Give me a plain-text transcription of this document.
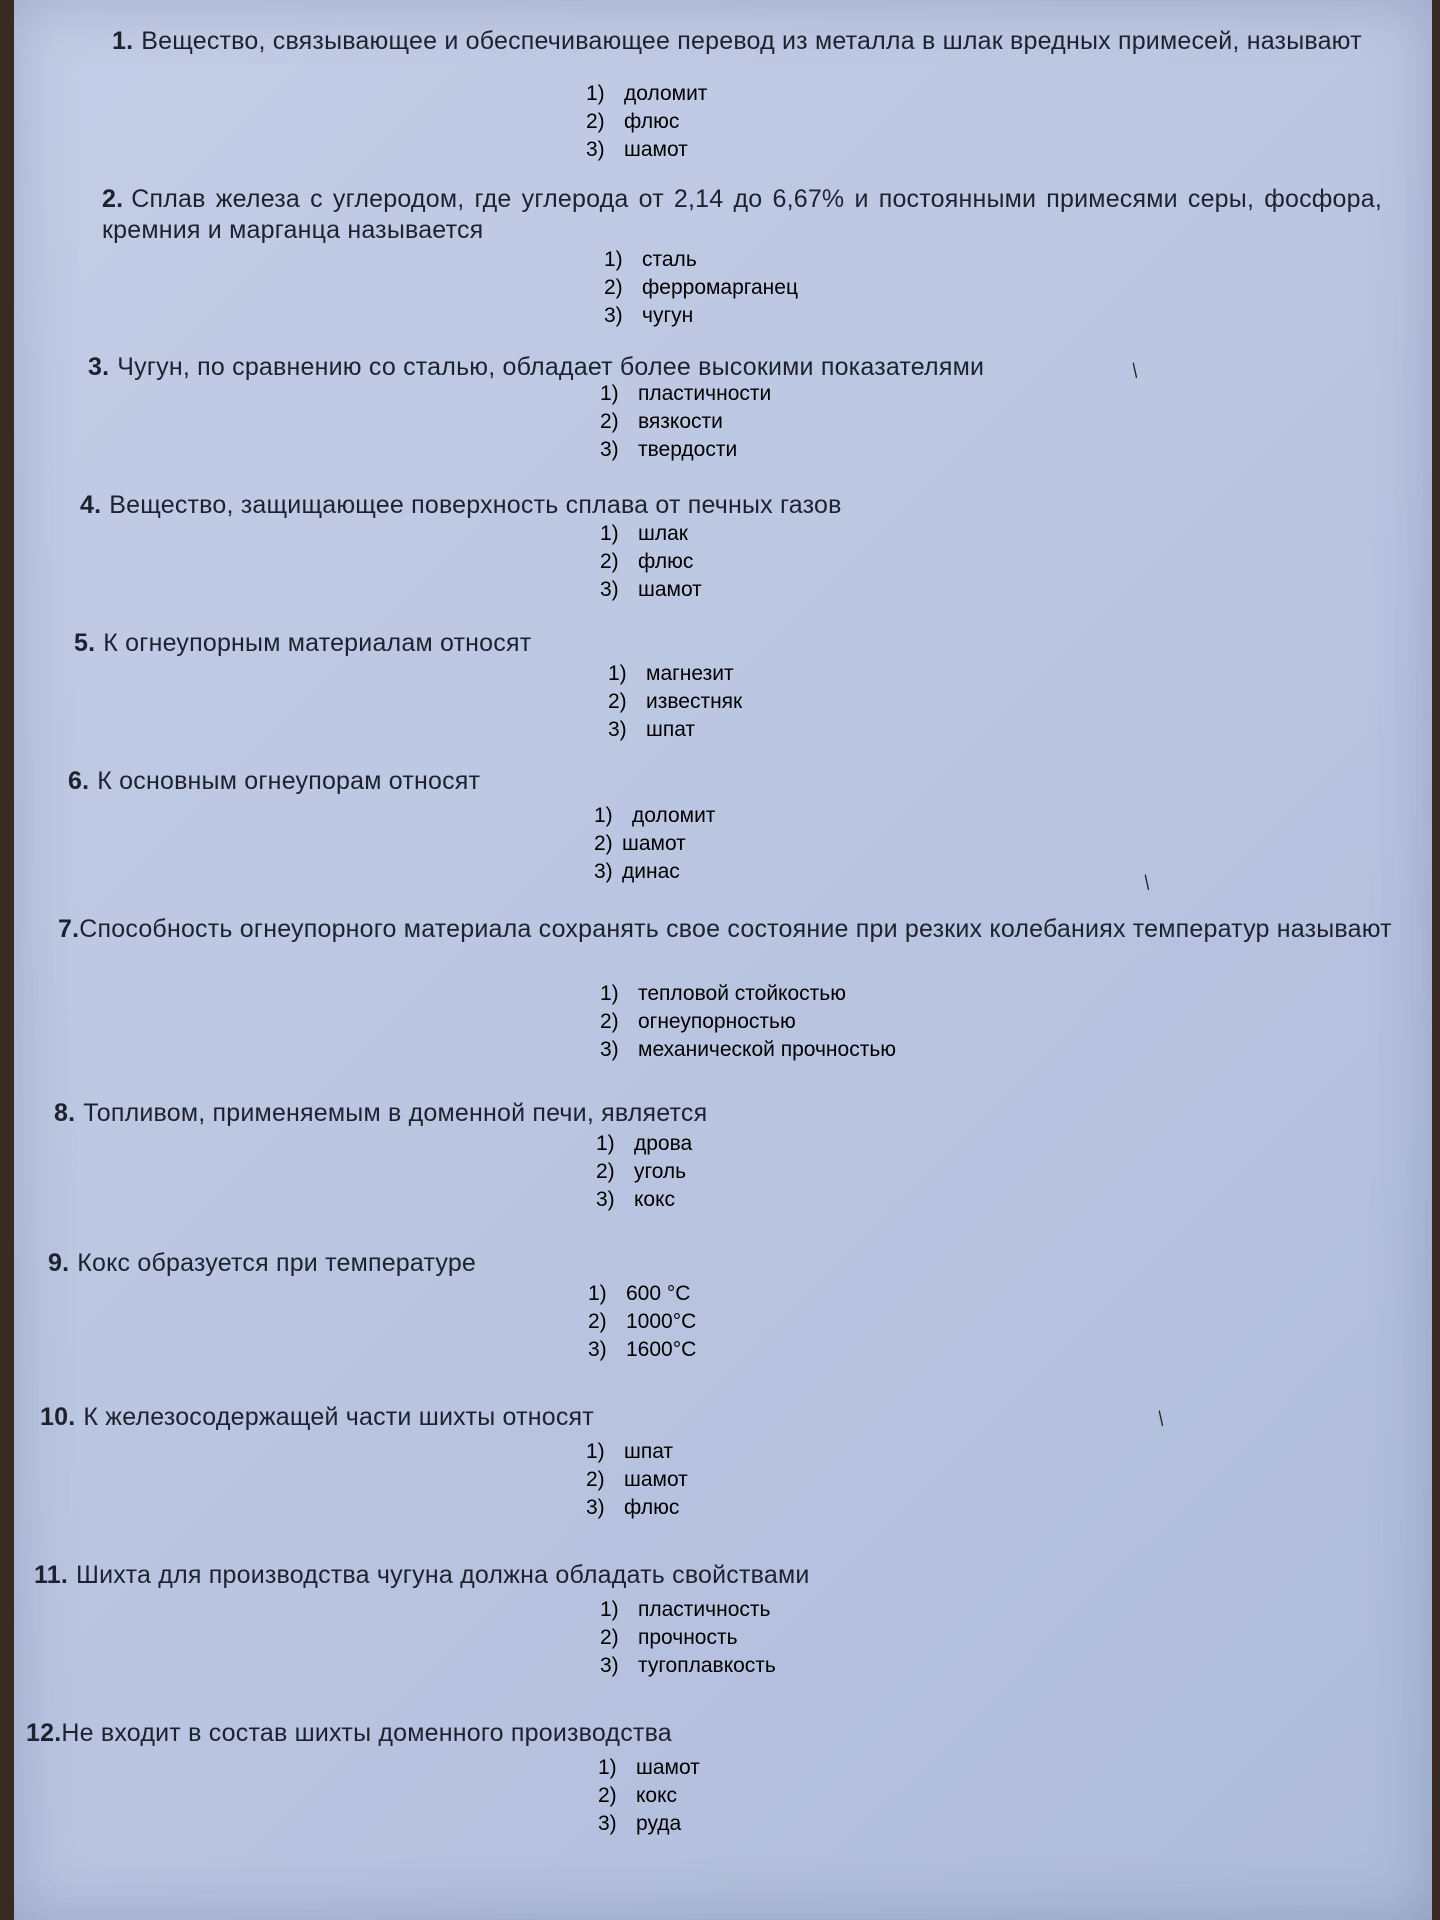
1. Вещество, связывающее и обеспечивающее перевод из металла в шлак вредных примесей, называют
1) доломит
2) флюс
3) шамот
2. Сплав железа с углеродом, где углерода от 2,14 до 6,67% и постоянными примесями серы, фосфора, кремния и марганца называется
1) сталь
2) ферромарганец
3) чугун
3. Чугун, по сравнению со сталью, обладает более высокими показателями
1) пластичности
2) вязкости
3) твердости
4. Вещество, защищающее поверхность сплава от печных газов
1) шлак
2) флюс
3) шамот
5. К огнеупорным материалам относят
1) магнезит
2) известняк
3) шпат
6. К основным огнеупорам относят
1) доломит
2) шамот
3) динас
7.Способность огнеупорного материала сохранять свое состояние при резких колебаниях температур называют
1) тепловой стойкостью
2) огнеупорностью
3) механической прочностью
8. Топливом, применяемым в доменной печи, является
1) дрова
2) уголь
3) кокс
9. Кокс образуется при температуре
1) 600 °C
2) 1000°C
3) 1600°C
10. К железосодержащей части шихты относят
1) шпат
2) шамот
3) флюс
11. Шихта для производства чугуна должна обладать свойствами
1) пластичность
2) прочность
3) тугоплавкость
12.Не входит в состав шихты доменного производства
1) шамот
2) кокс
3) руда
/
/
/
